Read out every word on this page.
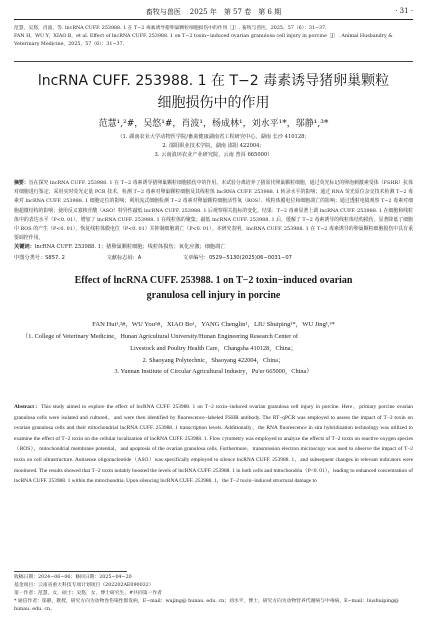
畜牧与兽医 2025 年　第 57 卷　第 6 期	· 31 ·

范慧，吴悠，肖波，等. lncRNA CUFF. 253988. 1 在 T−2 毒素诱导猪卵巢颗粒细胞损伤中的作用［J］. 畜牧与兽医，2025，57（6）：31−37.

FAN H，WU Y，XIAO B，et al. Effect of lncRNA CUFF. 253988. 1 on T−2 toxin−induced ovarian granulosa cell injury in porcine［J］. Animal Husbandry & Veterinary Medicine，2025，57（6）：31−37.

lncRNA CUFF. 253988. 1 在 T−2 毒素诱导猪卵巢颗粒
细胞损伤中的作用
范慧¹,²#，吴悠¹#，肖波¹，杨成林¹，刘水平¹*，邬静¹,³*

（1. 湖南农业大学动物医学院/畜禽健康湖南省工程研究中心，湖南 长沙 410128；

2. 邵阳职业技术学院，湖南 邵阳 422004；

3. 云南滇环农业产业研究院，云南 普洱 665000）

摘要：旨在探究 lncRNA CUFF. 253988. 1 在 T−2 毒素诱导猪卵巢颗粒细胞损伤中的作用。本试验分离培养了猪原代卵巢颗粒细胞，通过荧光标记的卵泡刺激素受体（FSHR）抗体对细胞进行鉴定；采用实时荧光定量 PCR 技术，检测 T−2 毒素对卵巢颗粒细胞及其线粒体 lncRNA CUFF. 253988. 1 转录水平的影响；通过 RNA 荧光原位杂交技术检测 T−2 毒素对 lncRNA CUFF. 253988. 1 细胞定位的影响；利用流式细胞检测 T−2 毒素对卵巢颗粒细胞活性氧（ROS）、线粒体膜电位和细胞凋亡的影响；通过透射电镜观察 T−2 毒素对细胞超微结构的影响；使用反义寡核苷酸（ASO）特异性敲低 lncRNA CUFF. 253988. 1 后观察相关指标的变化。结果：T−2 毒素显著上调 lncRNA CUFF. 253988. 1 在细胞和线粒体中的表达水平（P<0. 01），增加了 lncRNA CUFF. 253988. 1 在线粒体的聚集；敲低 lncRNA CUFF. 253988. 1 后，缓解了 T−2 毒素诱导的线粒体结构损伤，显著降低了细胞中 ROS 的产生（P<0. 01），恢复线粒体膜电位（P<0. 01）并抑制细胞凋亡（P<0. 01）。本研究表明，lncRNA CUFF. 253988. 1 在 T−2 毒素诱导的卵巢颗粒细胞损伤中具有重要调控作用。
关键词：lncRNA CUFF. 253988. 1；猪卵巢颗粒细胞；线粒体损伤；氧化应激；细胞凋亡
中图分类号：S857. 2	文献标志码：A	文章编号：0529−5130(2025)06−0031−07
Effect of lncRNA CUFF. 253988. 1 on T−2 toxin−induced ovarian
granulosa cell injury in porcine
FAN Hui¹,²#，WU You¹#，XIAO Bo¹，YANG Chenglin¹，LIU Shuiping¹*，WU Jing¹,³*

（1. College of Veterinary Medicine，Hunan Agricultural University/Hunan Engineering Research Center of

Livestock and Poultry Health Care，Changsha 410128，China；

2. Shaoyang Polytechnic，Shaoyang 422004，China；

3. Yunnan Institute of Circular Agricultural Industry，Pu'er 665000，China）

Abstract：This study aimed to explore the effect of lncRNA CUFF. 253988. 1 on T−2 toxin−induced ovarian granulosa cell injury in porcine. Here，primary porcine ovarian granulosa cells were isolated and cultured，and were then identified by fluorescence−labeled FSHR antibody. The RT−qPCR was employed to assess the impact of T−2 toxin on ovarian granulosa cells and their mitochondrial lncRNA CUFF. 253988. 1 transcription levels. Additionally，the RNA fluorescence in situ hybridization technology was utilized to examine the effect of T−2 toxin on the cellular localization of lncRNA CUFF. 253988. 1. Flow cytometry was employed to analyze the effects of T−2 toxin on reactive oxygen species（ROS），mitochondrial membrane potential，and apoptosis of the ovarian granulosa cells. Furthermore，transmission electron microscopy was used to observe the impact of T−2 toxin on cell ultrastructure. Antisense oligonucleotide（ASO）was specifically employed to silence lncRNA CUFF. 253988. 1，and subsequent changes in relevant indicators were monitored. The results showed that T−2 toxin notably boosted the levels of lncRNA CUFF. 253988. 1 in both cells and mitochondria（P<0. 01），leading to enhanced concentration of lncRNA CUFF. 253988. 1 within the mitochondria. Upon silencing lncRNA CUFF. 253988. 1，the T−2 toxin−induced structural damage to

收稿日期：2024−06−06；修回日期：2025−04−20

基金项目：云南省重大科技专项计划项目（202202AE090032）

第一作者：范慧，女，硕士；吴悠，女，博士研究生。#共同第一作者

* 通信作者：邬静，教授，研究方向为动物卷伤染性群发病，E−mail：wujing@ hunau. edu. cn；刘水平，博士，研究方向为动物营养代谢病与中毒病，E−mail：liushuiping@ hunau. edu. cn。
